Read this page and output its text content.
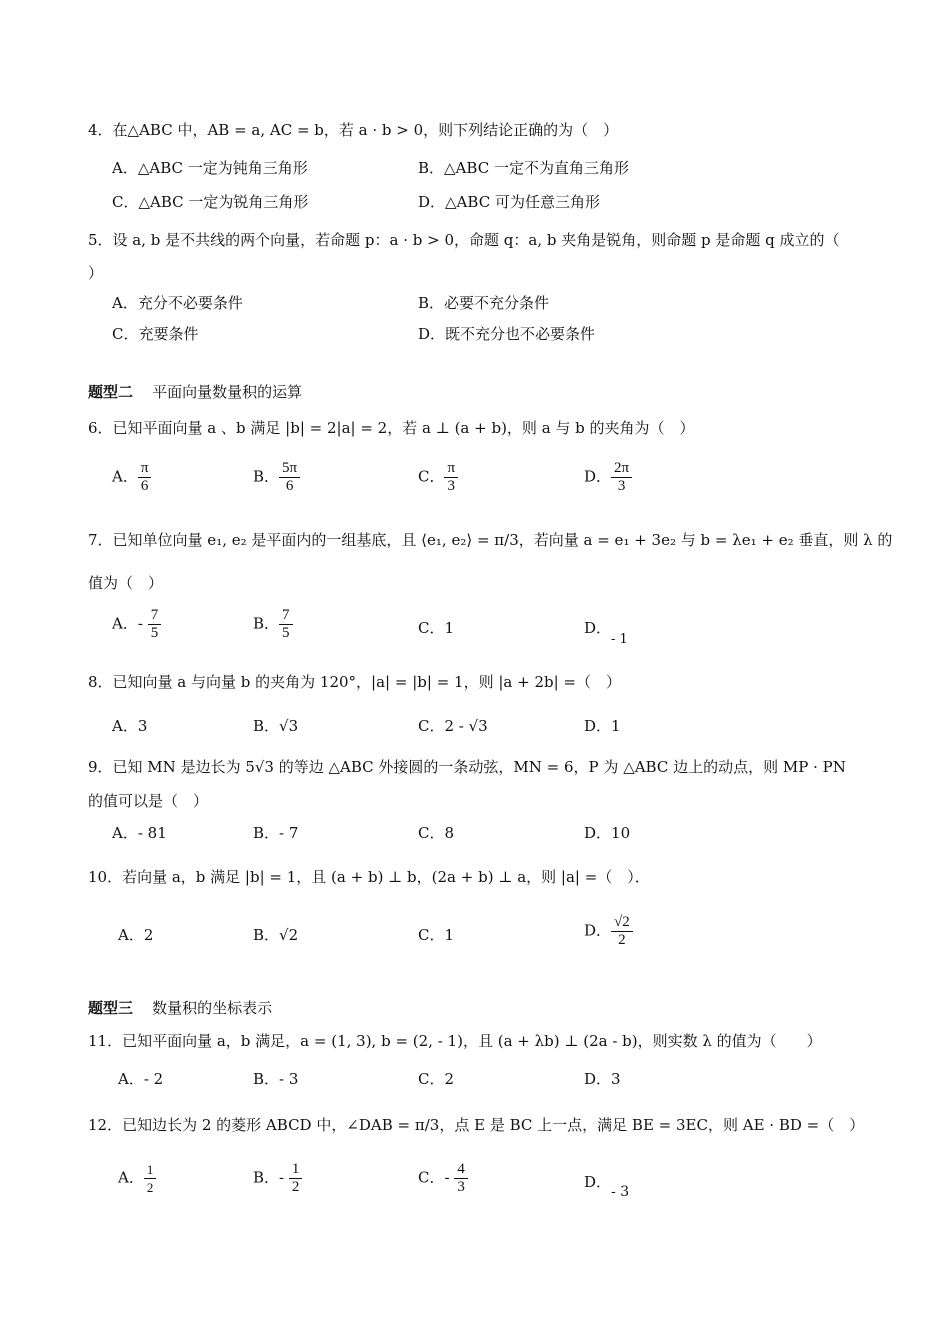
4．在△ABC 中，AB = a, AC = b，若 a · b > 0，则下列结论正确的为（　）
A．△ABC 一定为钝角三角形	B．△ABC 一定不为直角三角形
C．△ABC 一定为锐角三角形	D．△ABC 可为任意三角形
5．设 a, b 是不共线的两个向量，若命题 p：a · b > 0，命题 q：a, b 夹角是锐角，则命题 p 是命题 q 成立的（
）
A．充分不必要条件	B．必要不充分条件
C．充要条件	D．既不充分也不必要条件
题型二 平面向量数量积的运算
6．已知平面向量 a 、b 满足 |b| = 2|a| = 2，若 a ⊥ (a + b)，则 a 与 b 的夹角为（　）
A． $\frac{\pi}{6}$	B． $\frac{5\pi}{6}$	C． $\frac{\pi}{3}$	D． $\frac{2\pi}{3}$
7．已知单位向量 e₁, e₂ 是平面内的一组基底，且 ⟨e₁, e₂⟩ = π/3，若向量 a = e₁ + 3e₂ 与 b = λe₁ + e₂ 垂直，则 λ 的
值为（　）
A．- $\frac{7}{5}$	B． $\frac{7}{5}$	C．1	D．- 1
8．已知向量 a 与向量 b 的夹角为 120°，|a| = |b| = 1，则 |a + 2b| =（　）
A．3	B．√3	C．2 - √3	D．1
9．已知 MN 是边长为 5√3 的等边 △ABC 外接圆的一条动弦，MN = 6，P 为 △ABC 边上的动点，则 MP · PN
的值可以是（　）
A．- 81	B．- 7	C．8	D．10
10．若向量 a，b 满足 |b| = 1，且 (a + b) ⊥ b，(2a + b) ⊥ a，则 |a| =（　）．
A．2	B．√2	C．1	D． $\frac{√2}{2}$
题型三 数量积的坐标表示
11．已知平面向量 a，b 满足，a = (1, 3), b = (2, - 1)，且 (a + λb) ⊥ (2a - b)，则实数 λ 的值为（　　）
A．- 2	B．- 3	C．2	D．3
12．已知边长为 2 的菱形 ABCD 中，∠DAB = π/3，点 E 是 BC 上一点，满足 BE = 3EC，则 AE · BD =（　）
A． $\frac{1}{2}$	B．- $\frac{1}{2}$	C．- $\frac{4}{3}$	D．- 3
